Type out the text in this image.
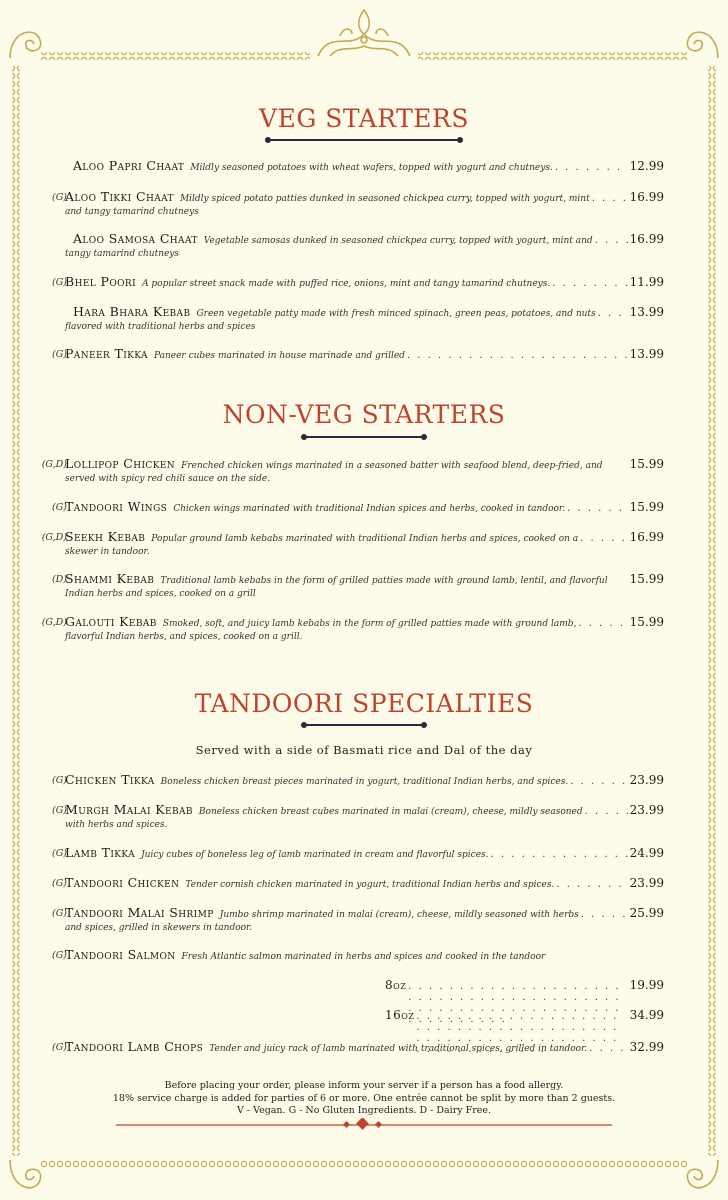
VEG STARTERS
Aloo Papri Chaat Mildly seasoned potatoes with wheat wafers, topped with yogurt and chutneys. . . .	12.99
(G)
Aloo Tikki Chaat Mildly spiced potato patties dunked in seasoned chickpea curry, topped with yogurt, mint . . .	16.99
and tangy tamarind chutneys
Aloo Samosa Chaat Vegetable samosas dunked in seasoned chickpea curry, topped with yogurt, mint and . . .	16.99
tangy tamarind chutneys
(G)
Bhel Poori A popular street snack made with puffed rice, onions, mint and tangy tamarind chutneys. . . .	11.99
Hara Bhara Kebab Green vegetable patty made with fresh minced spinach, green peas, potatoes, and nuts . . .	13.99
flavored with traditional herbs and spices
(G)
Paneer Tikka Paneer cubes marinated in house marinade and grilled . . .	13.99
NON-VEG STARTERS
(G,D)
Lollipop Chicken Frenched chicken wings marinated in a seasoned batter with seafood blend, deep-fried, and 15.99
served with spicy red chili sauce on the side.
(G)
Tandoori Wings Chicken wings marinated with traditional Indian spices and herbs, cooked in tandoor. . . .	15.99
(G,D)
Seekh Kebab Popular ground lamb kebabs marinated with traditional Indian herbs and spices, cooked on a . . .	16.99
skewer in tandoor.
(D)
Shammi Kebab Traditional lamb kebabs in the form of grilled patties made with ground lamb, lentil, and flavorful 15.99
Indian herbs and spices, cooked on a grill
(G,D)
Galouti Kebab Smoked, soft, and juicy lamb kebabs in the form of grilled patties made with ground lamb, . . .	15.99
flavorful Indian herbs, and spices, cooked on a grill.
TANDOORI SPECIALTIES
Served with a side of Basmati rice and Dal of the day
(G)
Chicken Tikka Boneless chicken breast pieces marinated in yogurt, traditional Indian herbs, and spices. . . .	23.99
(G)
Murgh Malai Kebab Boneless chicken breast cubes marinated in malai (cream), cheese, mildly seasoned . . .	23.99
with herbs and spices.
(G)
Lamb Tikka Juicy cubes of boneless leg of lamb marinated in cream and flavorful spices. . . .	24.99
(G)
Tandoori Chicken Tender cornish chicken marinated in yogurt, traditional Indian herbs and spices. . . .	23.99
(G)
Tandoori Malai Shrimp Jumbo shrimp marinated in malai (cream), cheese, mildly seasoned with herbs . . .	25.99
and spices, grilled in skewers in tandoor.
(G)
Tandoori Salmon Fresh Atlantic salmon marinated in herbs and spices and cooked in the tandoor
8oz . . .	19.99
16oz . . .	34.99
(G)
Tandoori Lamb Chops Tender and juicy rack of lamb marinated with traditional spices, grilled in tandoor. . . .	32.99
Before placing your order, please inform your server if a person has a food allergy.
18% service charge is added for parties of 6 or more. One entrée cannot be split by more than 2 guests.
V - Vegan. G - No Gluten Ingredients. D - Dairy Free.
